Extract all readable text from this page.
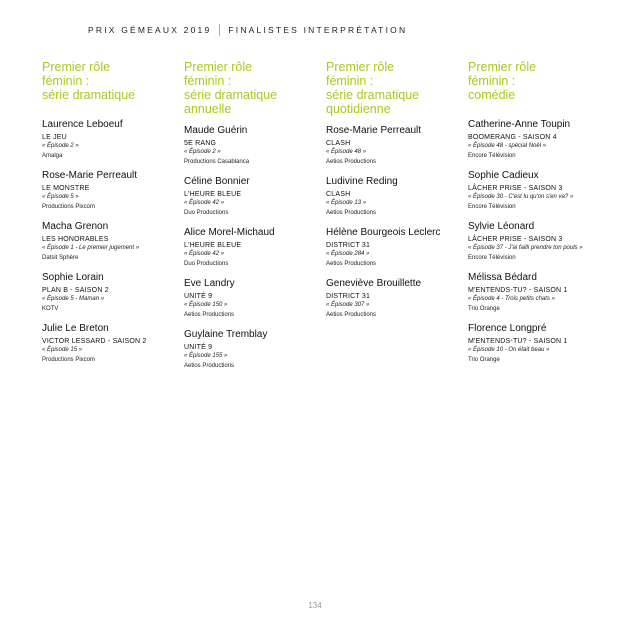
PRIX GÉMEAUX 2019 FINALISTES INTERPRÉTATION
Premier rôle
féminin :
série dramatique
Laurence Leboeuf
LE JEU
« Épisode 2 »
Amalga
Rose-Marie Perreault
LE MONSTRE
« Épisode 5 »
Productions Pixcom
Macha Grenon
LES HONORABLES
« Épisode 1 - Le premier jugement »
Datsit Sphère
Sophie Lorain
PLAN B - SAISON 2
« Épisode 5 - Maman »
KOTV
Julie Le Breton
VICTOR LESSARD - SAISON 2
« Épisode 15 »
Productions Pixcom
Premier rôle
féminin :
série dramatique
annuelle
Maude Guérin
5E RANG
« Épisode 2 »
Productions Casablanca
Céline Bonnier
L'HEURE BLEUE
« Épisode 42 »
Duo Productions
Alice Morel-Michaud
L'HEURE BLEUE
« Épisode 42 »
Duo Productions
Eve Landry
UNITÉ 9
« Épisode 150 »
Aetios Productions
Guylaine Tremblay
UNITÉ 9
« Épisode 155 »
Aetios Productions
Premier rôle
féminin :
série dramatique
quotidienne
Rose-Marie Perreault
CLASH
« Épisode 48 »
Aetios Productions
Ludivine Reding
CLASH
« Épisode 13 »
Aetios Productions
Hélène Bourgeois Leclerc
DISTRICT 31
« Épisode 284 »
Aetios Productions
Geneviève Brouillette
DISTRICT 31
« Épisode 307 »
Aetios Productions
Premier rôle
féminin :
comédie
Catherine-Anne Toupin
BOOMERANG - SAISON 4
« Épisode 48 - spécial Noël »
Encore Télévision
Sophie Cadieux
LÂCHER PRISE - SAISON 3
« Épisode 30 - C'est lu qu'on s'en va? »
Encore Télévision
Sylvie Léonard
LÂCHER PRISE - SAISON 3
« Épisode 37 - J'ai failli prendre ton pouls »
Encore Télévision
Mélissa Bédard
M'ENTENDS-TU? - SAISON 1
« Épisode 4 - Trois petits chats »
Trio Orange
Florence Longpré
M'ENTENDS-TU? - SAISON 1
« Épisode 10 - On était beau »
Trio Orange
134
